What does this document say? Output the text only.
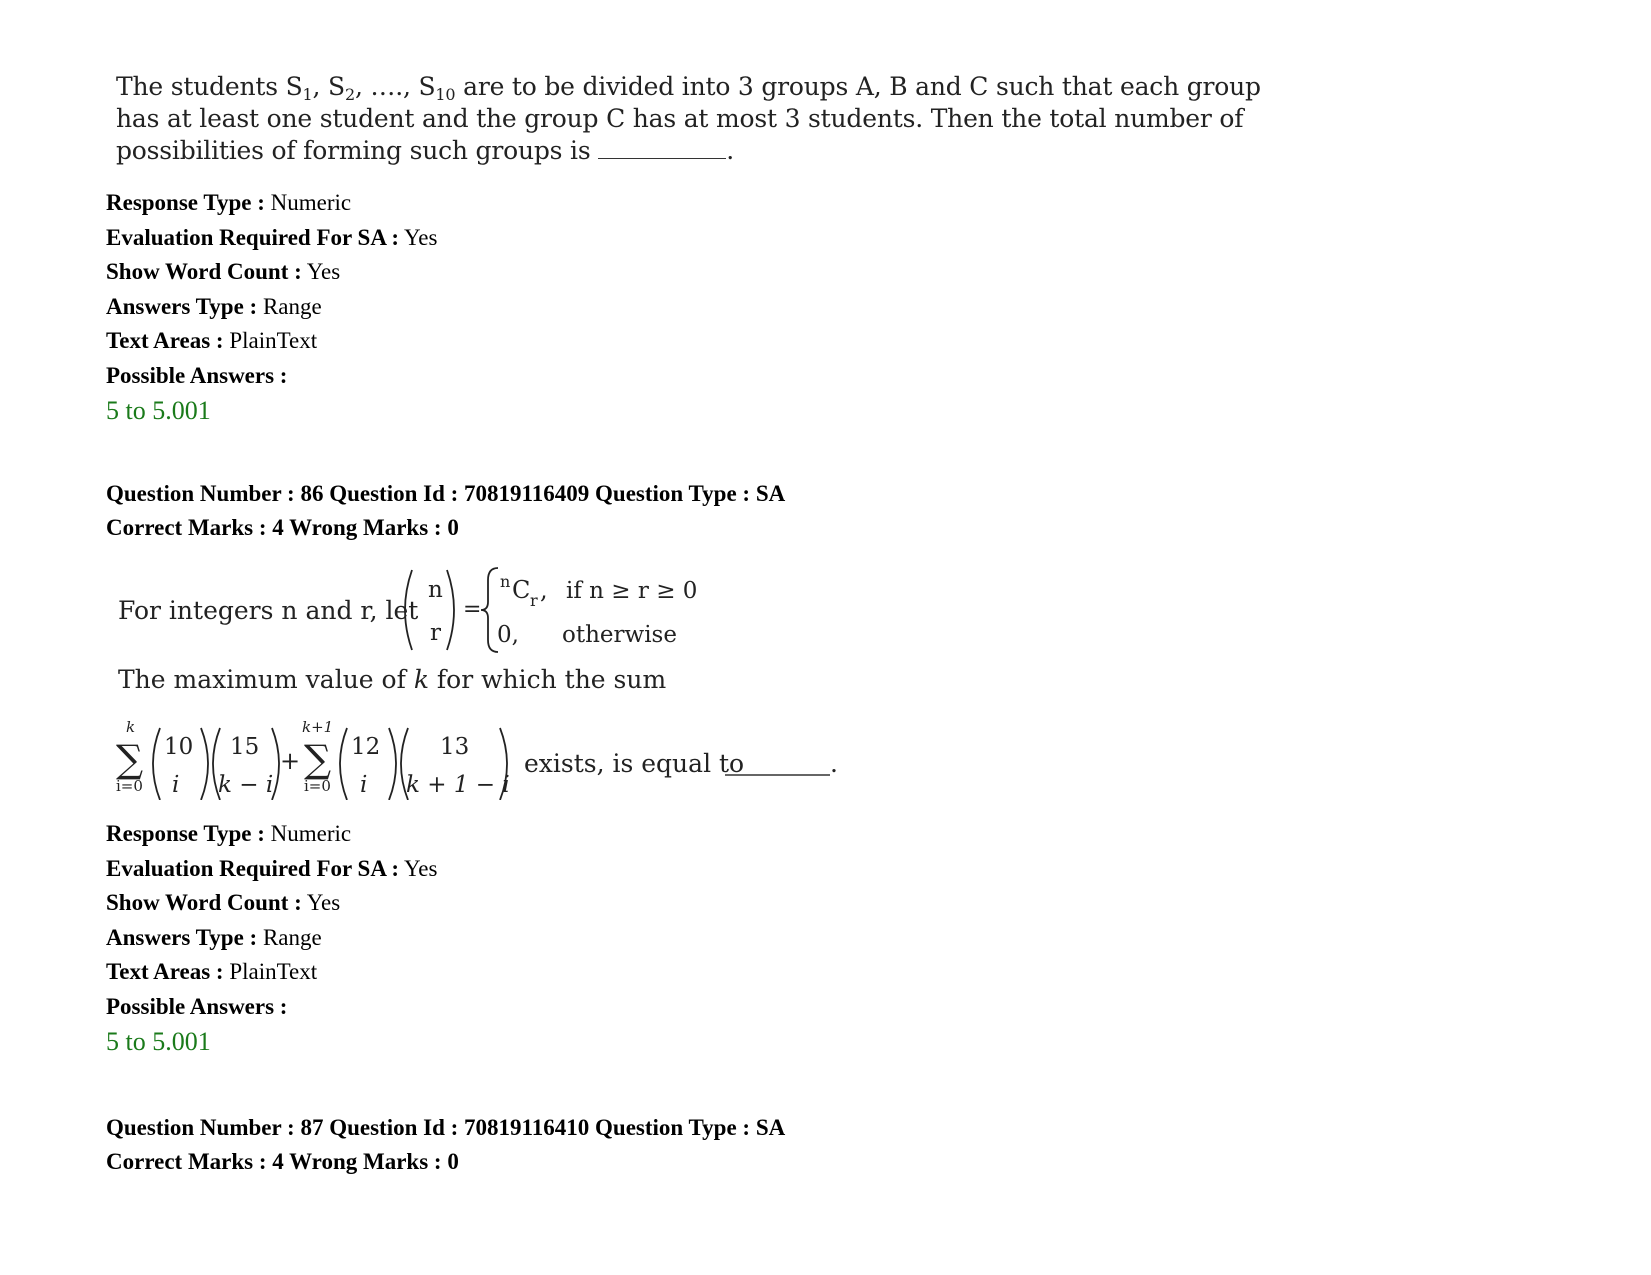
The students $S_1$, $S_2$, …., $S_{10}$ are to be divided into 3 groups A, B and C such that each group
has at least one student and the group C has at most 3 students. Then the total number of
possibilities of forming such groups is	.
Response Type : Numeric
Evaluation Required For SA : Yes
Show Word Count : Yes
Answers Type : Range
Text Areas : PlainText
Possible Answers :
5 to 5.001
Question Number : 86 Question Id : 70819116409 Question Type : SA
Correct Marks : 4 Wrong Marks : 0
For integers n and r, let
n
r
=
n C r , if n ≥ r ≥ 0
0, otherwise
The maximum value of k for which the sum
k
∑
i=0
10
i
15
k − i
+
k+1
∑
i=0
12
i
13
k + 1 − i
exists, is equal to	.
Response Type : Numeric
Evaluation Required For SA : Yes
Show Word Count : Yes
Answers Type : Range
Text Areas : PlainText
Possible Answers :
5 to 5.001
Question Number : 87 Question Id : 70819116410 Question Type : SA
Correct Marks : 4 Wrong Marks : 0
